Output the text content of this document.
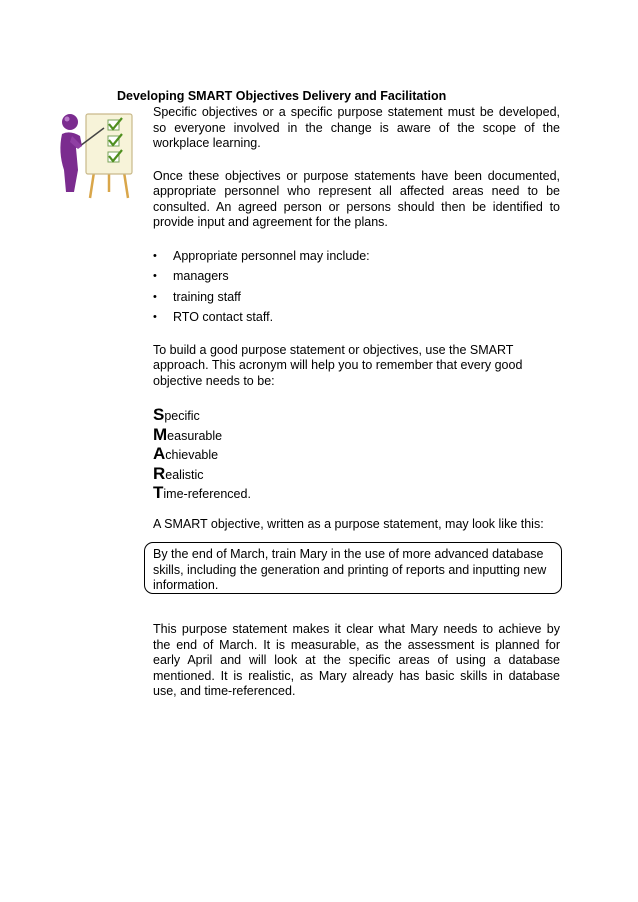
Developing SMART Objectives Delivery and Facilitation

Specific objectives or a specific purpose statement must be developed, so everyone involved in the change is aware of the scope of the workplace learning.

Once these objectives or purpose statements have been documented, appropriate personnel who represent all affected areas need to be consulted. An agreed person or persons should then be identified to provide input and agreement for the plans.

• Appropriate personnel may include:
• managers
• training staff
• RTO contact staff.

To build a good purpose statement or objectives, use the SMART approach. This acronym will help you to remember that every good objective needs to be:

Specific
Measurable
Achievable
Realistic
Time-referenced.

A SMART objective, written as a purpose statement, may look like this:

By the end of March, train Mary in the use of more advanced database skills, including the generation and printing of reports and inputting new information.

This purpose statement makes it clear what Mary needs to achieve by the end of March. It is measurable, as the assessment is planned for early April and will look at the specific areas of using a database mentioned. It is realistic, as Mary already has basic skills in database use, and time-referenced.
